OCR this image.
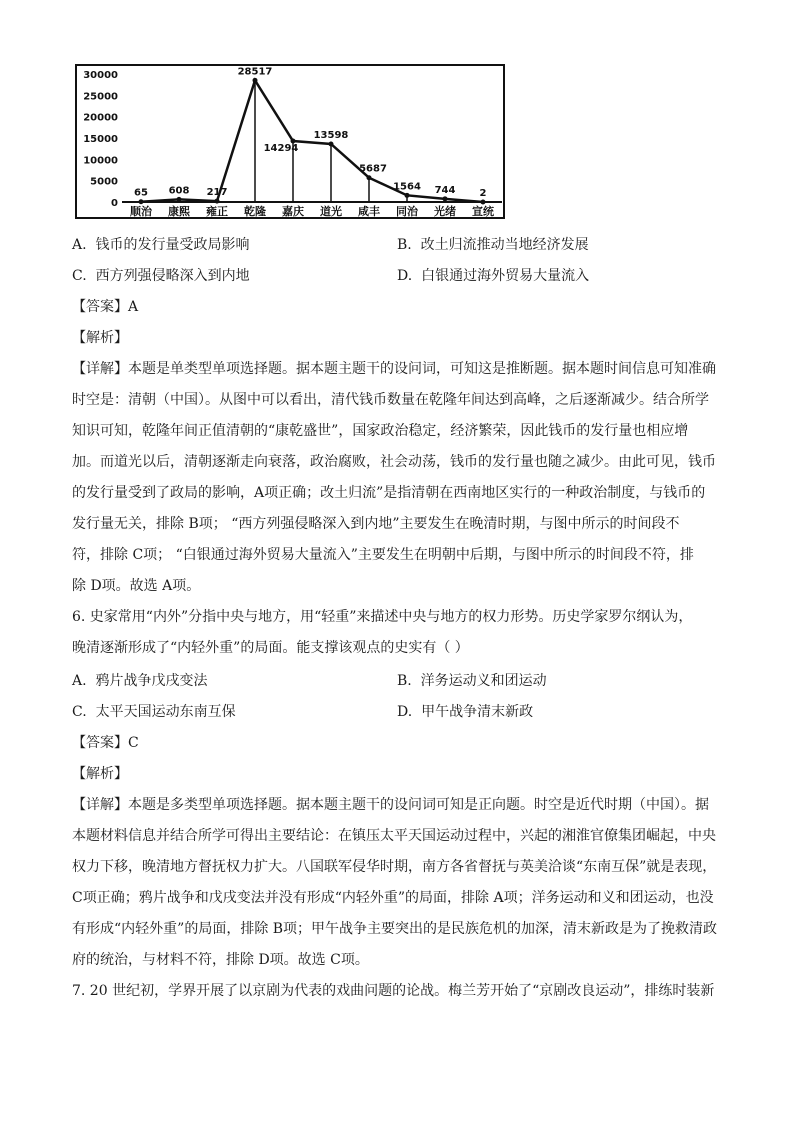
0
5000
10000
15000
20000
25000
30000
65 608 217
28517
14294
13598
5687
1564 744 2
顺治 康熙 雍正 乾隆 嘉庆 道光 咸丰 同治 光绪 宣统
A. 钱币的发行量受政局影响	B. 改土归流推动当地经济发展
C. 西方列强侵略深入到内地	D. 白银通过海外贸易大量流入
【答案】A
【解析】
【详解】本题是单类型单项选择题。据本题主题干的设问词，可知这是推断题。据本题时间信息可知准确
时空是：清朝（中国）。从图中可以看出，清代钱币数量在乾隆年间达到高峰，之后逐渐减少。结合所学
知识可知，乾隆年间正值清朝的“康乾盛世”，国家政治稳定，经济繁荣，因此钱币的发行量也相应增
加。而道光以后，清朝逐渐走向衰落，政治腐败，社会动荡，钱币的发行量也随之减少。由此可见，钱币
的发行量受到了政局的影响，A项正确；改土归流”是指清朝在西南地区实行的一种政治制度，与钱币的
发行量无关，排除 B项； “西方列强侵略深入到内地”主要发生在晚清时期，与图中所示的时间段不
符，排除 C项； “白银通过海外贸易大量流入”主要发生在明朝中后期，与图中所示的时间段不符，排
除 D项。故选 A项。
6. 史家常用“内外”分指中央与地方，用“轻重”来描述中央与地方的权力形势。历史学家罗尔纲认为，
晚清逐渐形成了“内轻外重”的局面。能支撑该观点的史实有（ ）
A. 鸦片战争戊戌变法	B. 洋务运动义和团运动
C. 太平天国运动东南互保	D. 甲午战争清末新政
【答案】C
【解析】
【详解】本题是多类型单项选择题。据本题主题干的设问词可知是正向题。时空是近代时期（中国）。据
本题材料信息并结合所学可得出主要结论：在镇压太平天国运动过程中，兴起的湘淮官僚集团崛起，中央
权力下移，晚清地方督抚权力扩大。八国联军侵华时期，南方各省督抚与英美洽谈“东南互保”就是表现，
C项正确；鸦片战争和戊戌变法并没有形成“内轻外重”的局面，排除 A项；洋务运动和义和团运动，也没
有形成“内轻外重”的局面，排除 B项；甲午战争主要突出的是民族危机的加深，清末新政是为了挽救清政
府的统治，与材料不符，排除 D项。故选 C项。
7. 20 世纪初，学界开展了以京剧为代表的戏曲问题的论战。梅兰芳开始了“京剧改良运动”，排练时装新
